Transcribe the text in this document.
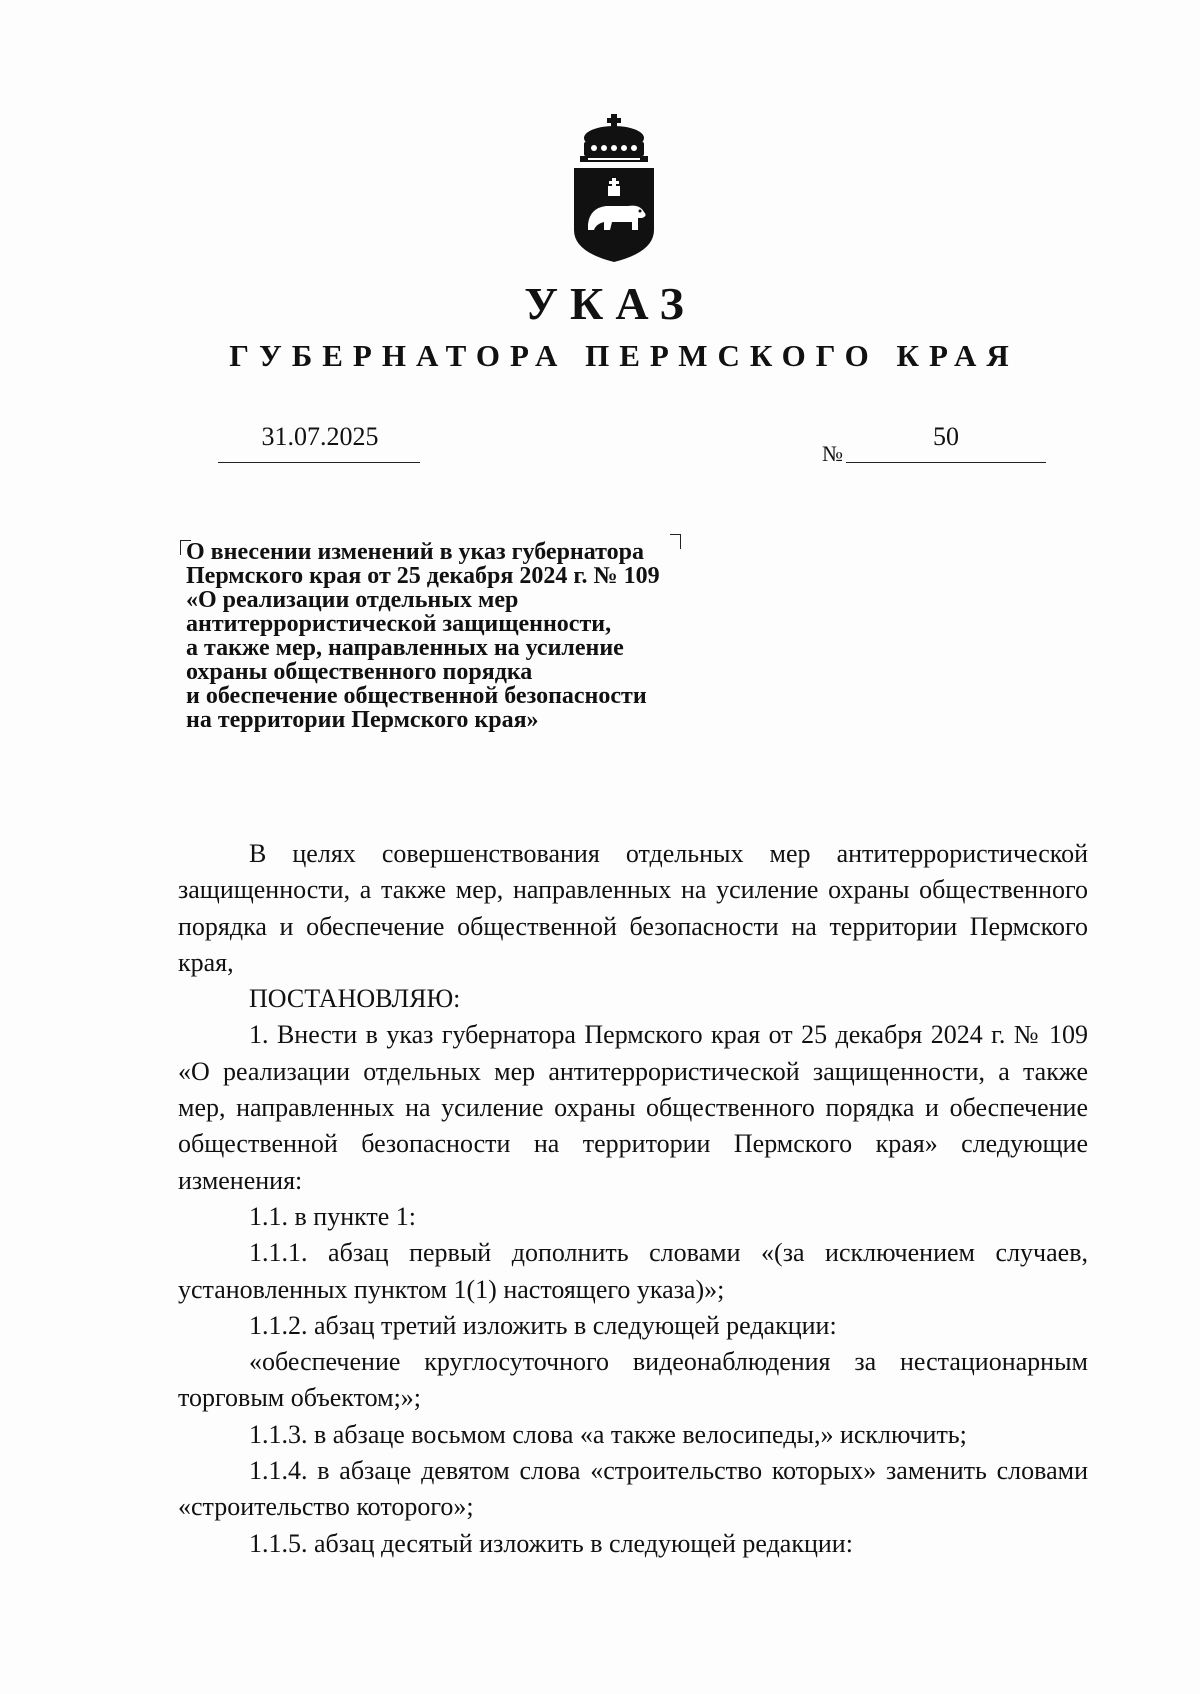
УКАЗ
ГУБЕРНАТОРА ПЕРМСКОГО КРАЯ
31.07.2025
№
50
О внесении изменений в указ губернатора
Пермского края от 25 декабря 2024 г. № 109
«О реализации отдельных мер
антитеррористической защищенности,
а также мер, направленных на усиление
охраны общественного порядка
и обеспечение общественной безопасности
на территории Пермского края»

В целях совершенствования отдельных мер антитеррористической защищенности, а также мер, направленных на усиление охраны общественного порядка и обеспечение общественной безопасности на территории Пермского края,

ПОСТАНОВЛЯЮ:

1. Внести в указ губернатора Пермского края от 25 декабря 2024 г. № 109 «О реализации отдельных мер антитеррористической защищенности, а также мер, направленных на усиление охраны общественного порядка и обеспечение общественной безопасности на территории Пермского края» следующие изменения:

1.1. в пункте 1:

1.1.1. абзац первый дополнить словами «(за исключением случаев, установленных пунктом 1(1) настоящего указа)»;

1.1.2. абзац третий изложить в следующей редакции:

«обеспечение круглосуточного видеонаблюдения за нестационарным торговым объектом;»;

1.1.3. в абзаце восьмом слова «а также велосипеды,» исключить;

1.1.4. в абзаце девятом слова «строительство которых» заменить словами «строительство которого»;

1.1.5. абзац десятый изложить в следующей редакции:
